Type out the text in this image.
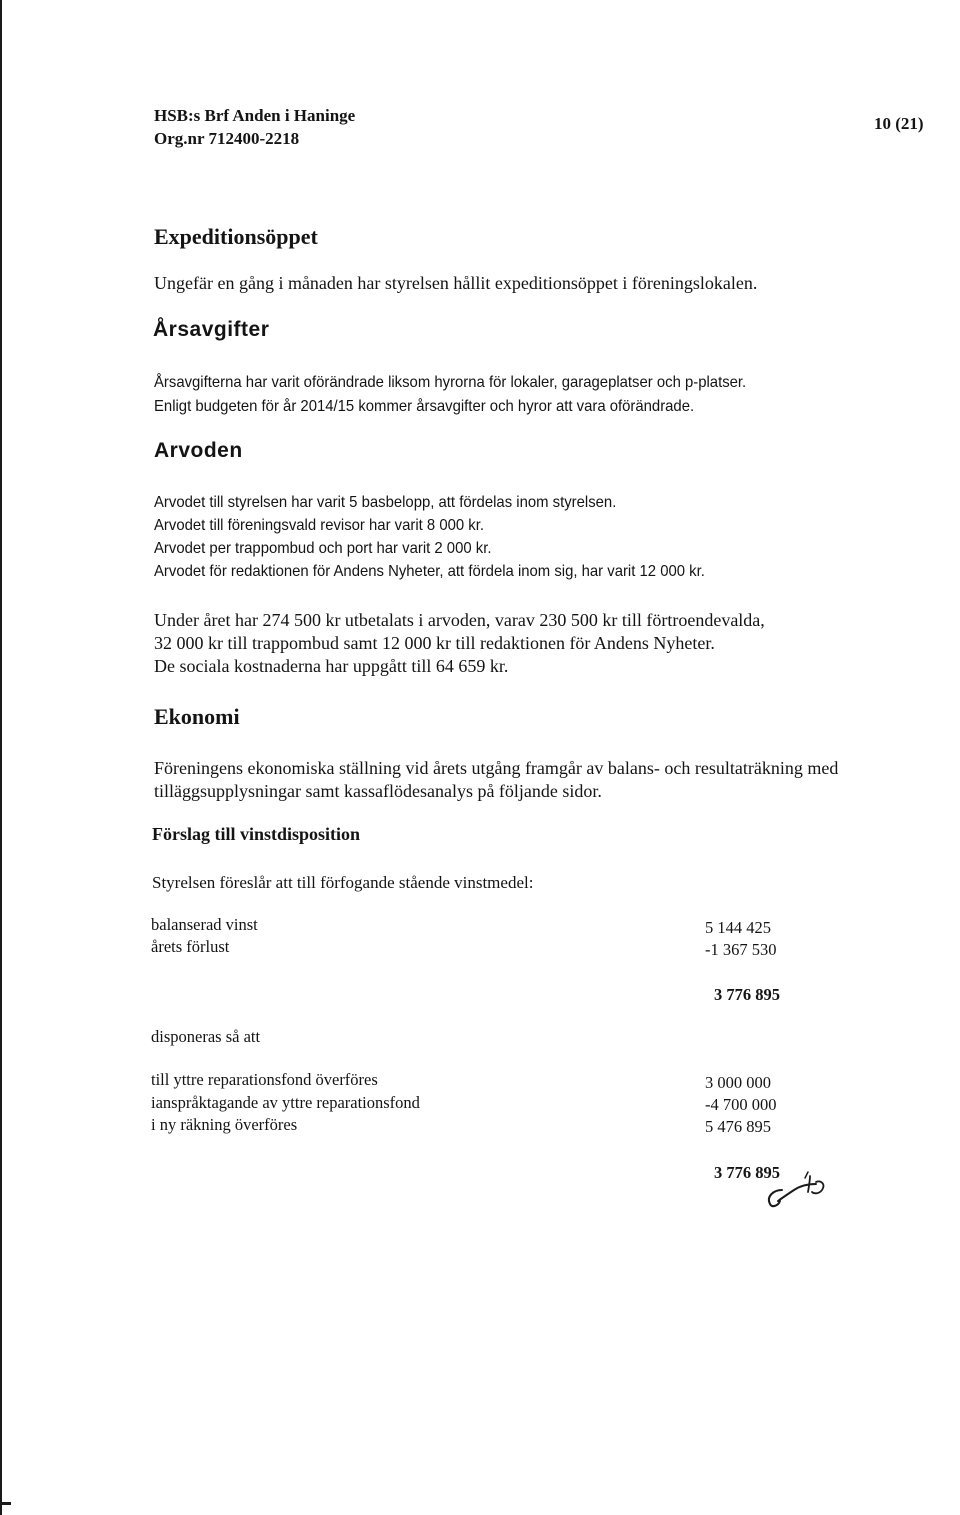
HSB:s Brf Anden i Haninge
Org.nr 712400-2218
10 (21)
Expeditionsöppet
Ungefär en gång i månaden har styrelsen hållit expeditionsöppet i föreningslokalen.
Årsavgifter
Årsavgifterna har varit oförändrade liksom hyrorna för lokaler, garageplatser och p-platser.
Enligt budgeten för år 2014/15 kommer årsavgifter och hyror att vara oförändrade.
Arvoden
Arvodet till styrelsen har varit 5 basbelopp, att fördelas inom styrelsen.
Arvodet till föreningsvald revisor har varit 8 000 kr.
Arvodet per trappombud och port har varit 2 000 kr.
Arvodet för redaktionen för Andens Nyheter, att fördela inom sig, har varit 12 000 kr.
Under året har 274 500 kr utbetalats i arvoden, varav 230 500 kr till förtroendevalda,
32 000 kr till trappombud samt 12 000 kr till redaktionen för Andens Nyheter.
De sociala kostnaderna har uppgått till 64 659 kr.
Ekonomi
Föreningens ekonomiska ställning vid årets utgång framgår av balans- och resultaträkning med
tilläggsupplysningar samt kassaflödesanalys på följande sidor.
Förslag till vinstdisposition
Styrelsen föreslår att till förfogande stående vinstmedel:
balanserad vinst	5 144 425
årets förlust	-1 367 530
3 776 895
disponeras så att
till yttre reparationsfond överföres	3 000 000
ianspråktagande av yttre reparationsfond	-4 700 000
i ny räkning överföres	5 476 895
3 776 895
